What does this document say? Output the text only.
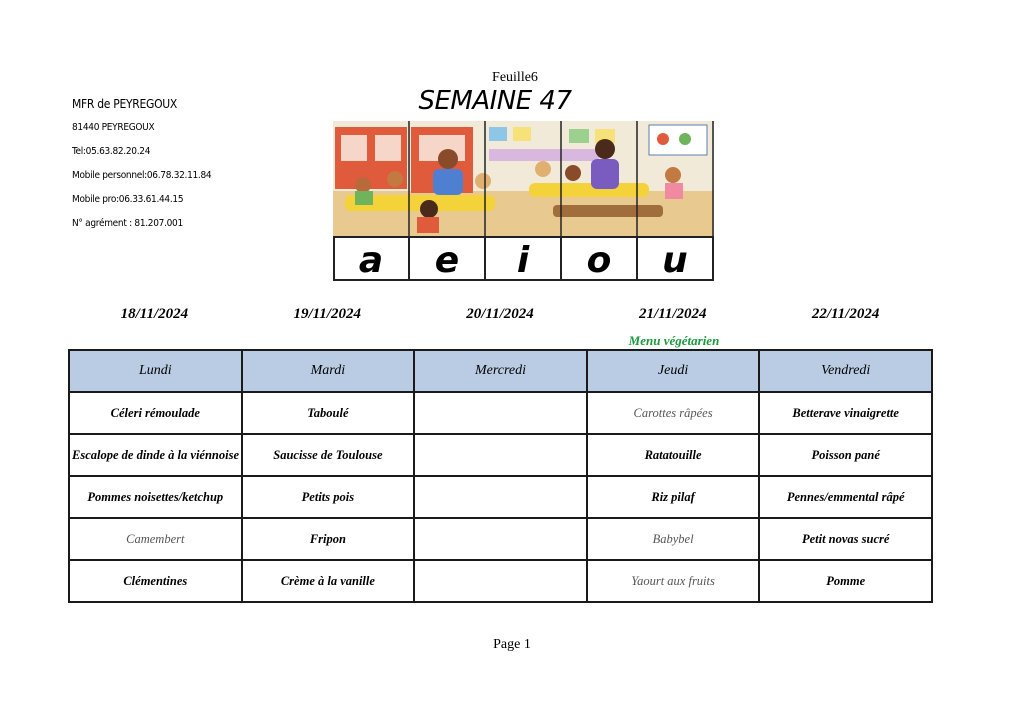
Feuille6
SEMAINE 47
MFR de PEYREGOUX
81440 PEYREGOUX
Tel:05.63.82.20.24
Mobile personnel:06.78.32.11.84
Mobile pro:06.33.61.44.15
N° agrément : 81.207.001
a e i o u
18/11/2024	19/11/2024	20/11/2024	21/11/2024	22/11/2024
Menu végétarien
Lundi	Mardi	Mercredi	Jeudi	Vendredi
Céleri rémoulade	Taboulé		Carottes râpées	Betterave vinaigrette
Escalope de dinde à la viénnoise	Saucisse de Toulouse		Ratatouille	Poisson pané
Pommes noisettes/ketchup	Petits pois		Riz pilaf	Pennes/emmental râpé
Camembert	Fripon		Babybel	Petit novas sucré
Clémentines	Crème à la vanille		Yaourt aux fruits	Pomme
Page 1
